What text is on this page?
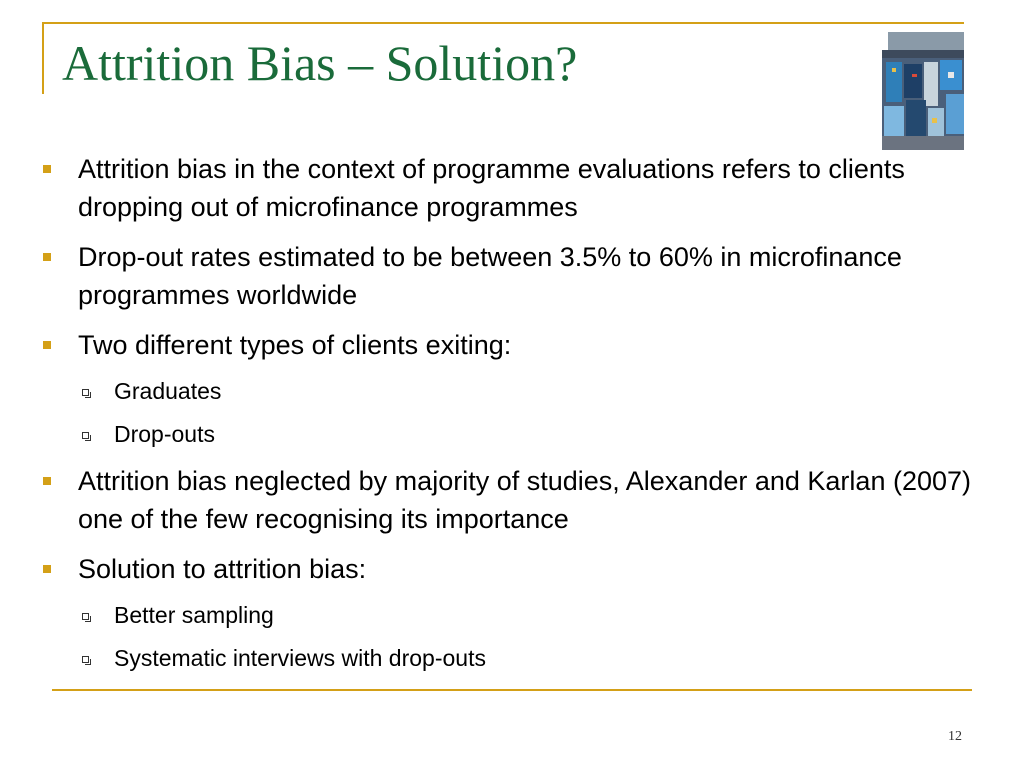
Attrition Bias – Solution?
Attrition bias in the context of programme evaluations refers to clients dropping out of microfinance programmes
Drop-out rates estimated to be between 3.5% to 60% in microfinance programmes worldwide
Two different types of clients exiting:
Graduates
Drop-outs
Attrition bias neglected by majority of studies, Alexander and Karlan (2007) one of the few recognising its importance
Solution to attrition bias:
Better sampling
Systematic interviews with drop-outs
12
